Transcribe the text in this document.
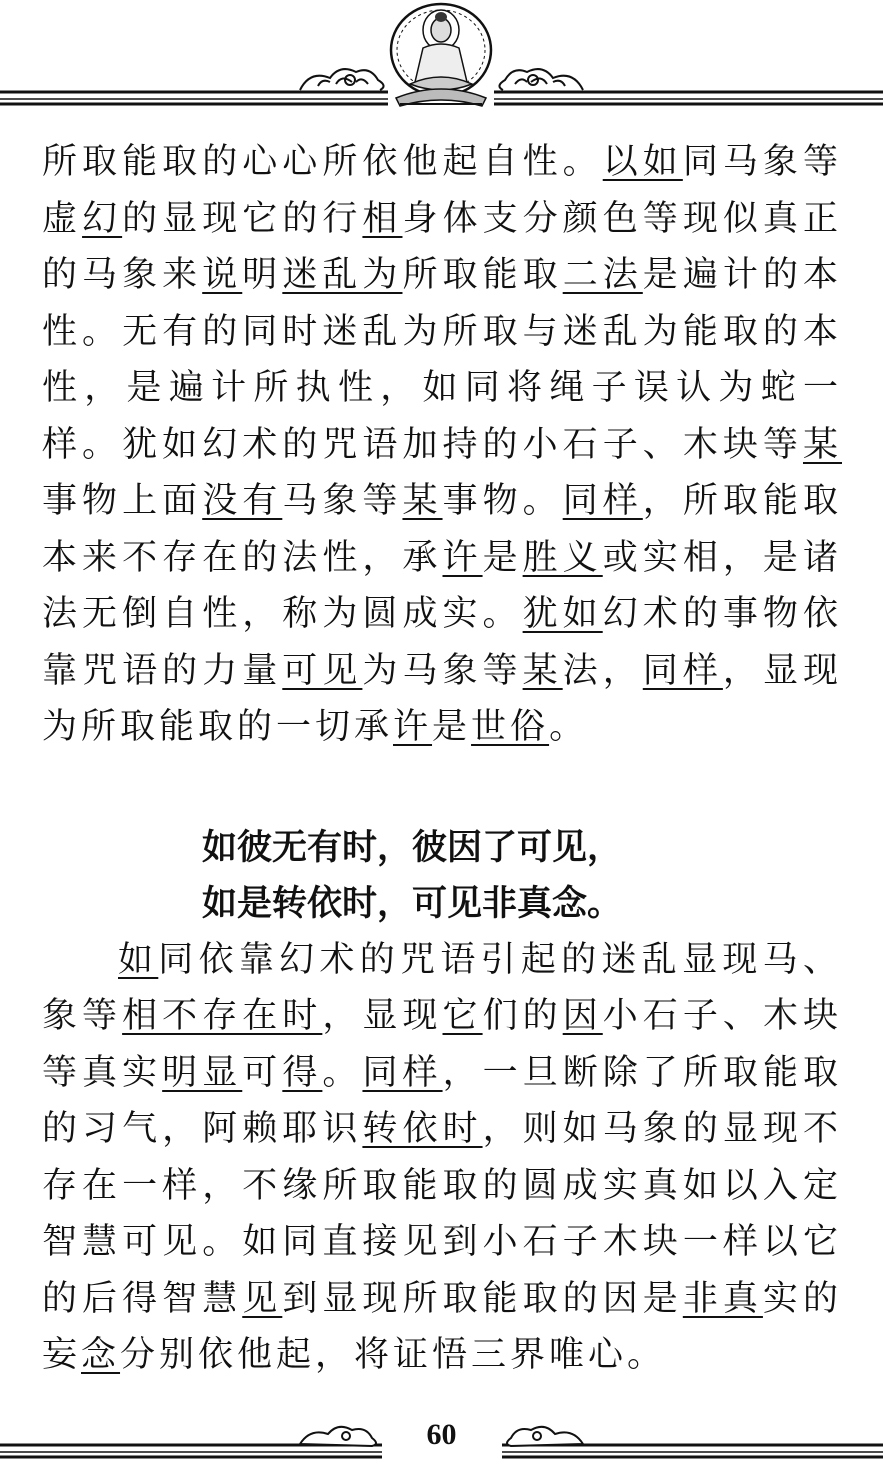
所取能取的心心所依他起自性。以如同马象等虚幻的显现它的行相身体支分颜色等现似真正的马象来说明迷乱为所取能取二法是遍计的本性。无有的同时迷乱为所取与迷乱为能取的本性，是遍计所执性，如同将绳子误认为蛇一样。犹如幻术的咒语加持的小石子、木块等某事物上面没有马象等某事物。同样，所取能取本来不存在的法性，承许是胜义或实相，是诸法无倒自性，称为圆成实。犹如幻术的事物依靠咒语的力量可见为马象等某法，同样，显现为所取能取的一切承许是世俗。

如彼无有时，彼因了可见，

如是转依时，可见非真念。

如同依靠幻术的咒语引起的迷乱显现马、象等相不存在时，显现它们的因小石子、木块等真实明显可得。同样，一旦断除了所取能取的习气，阿赖耶识转依时，则如马象的显现不存在一样，不缘所取能取的圆成实真如以入定智慧可见。如同直接见到小石子木块一样以它的后得智慧见到显现所取能取的因是非真实的妄念分别依他起，将证悟三界唯心。

60
